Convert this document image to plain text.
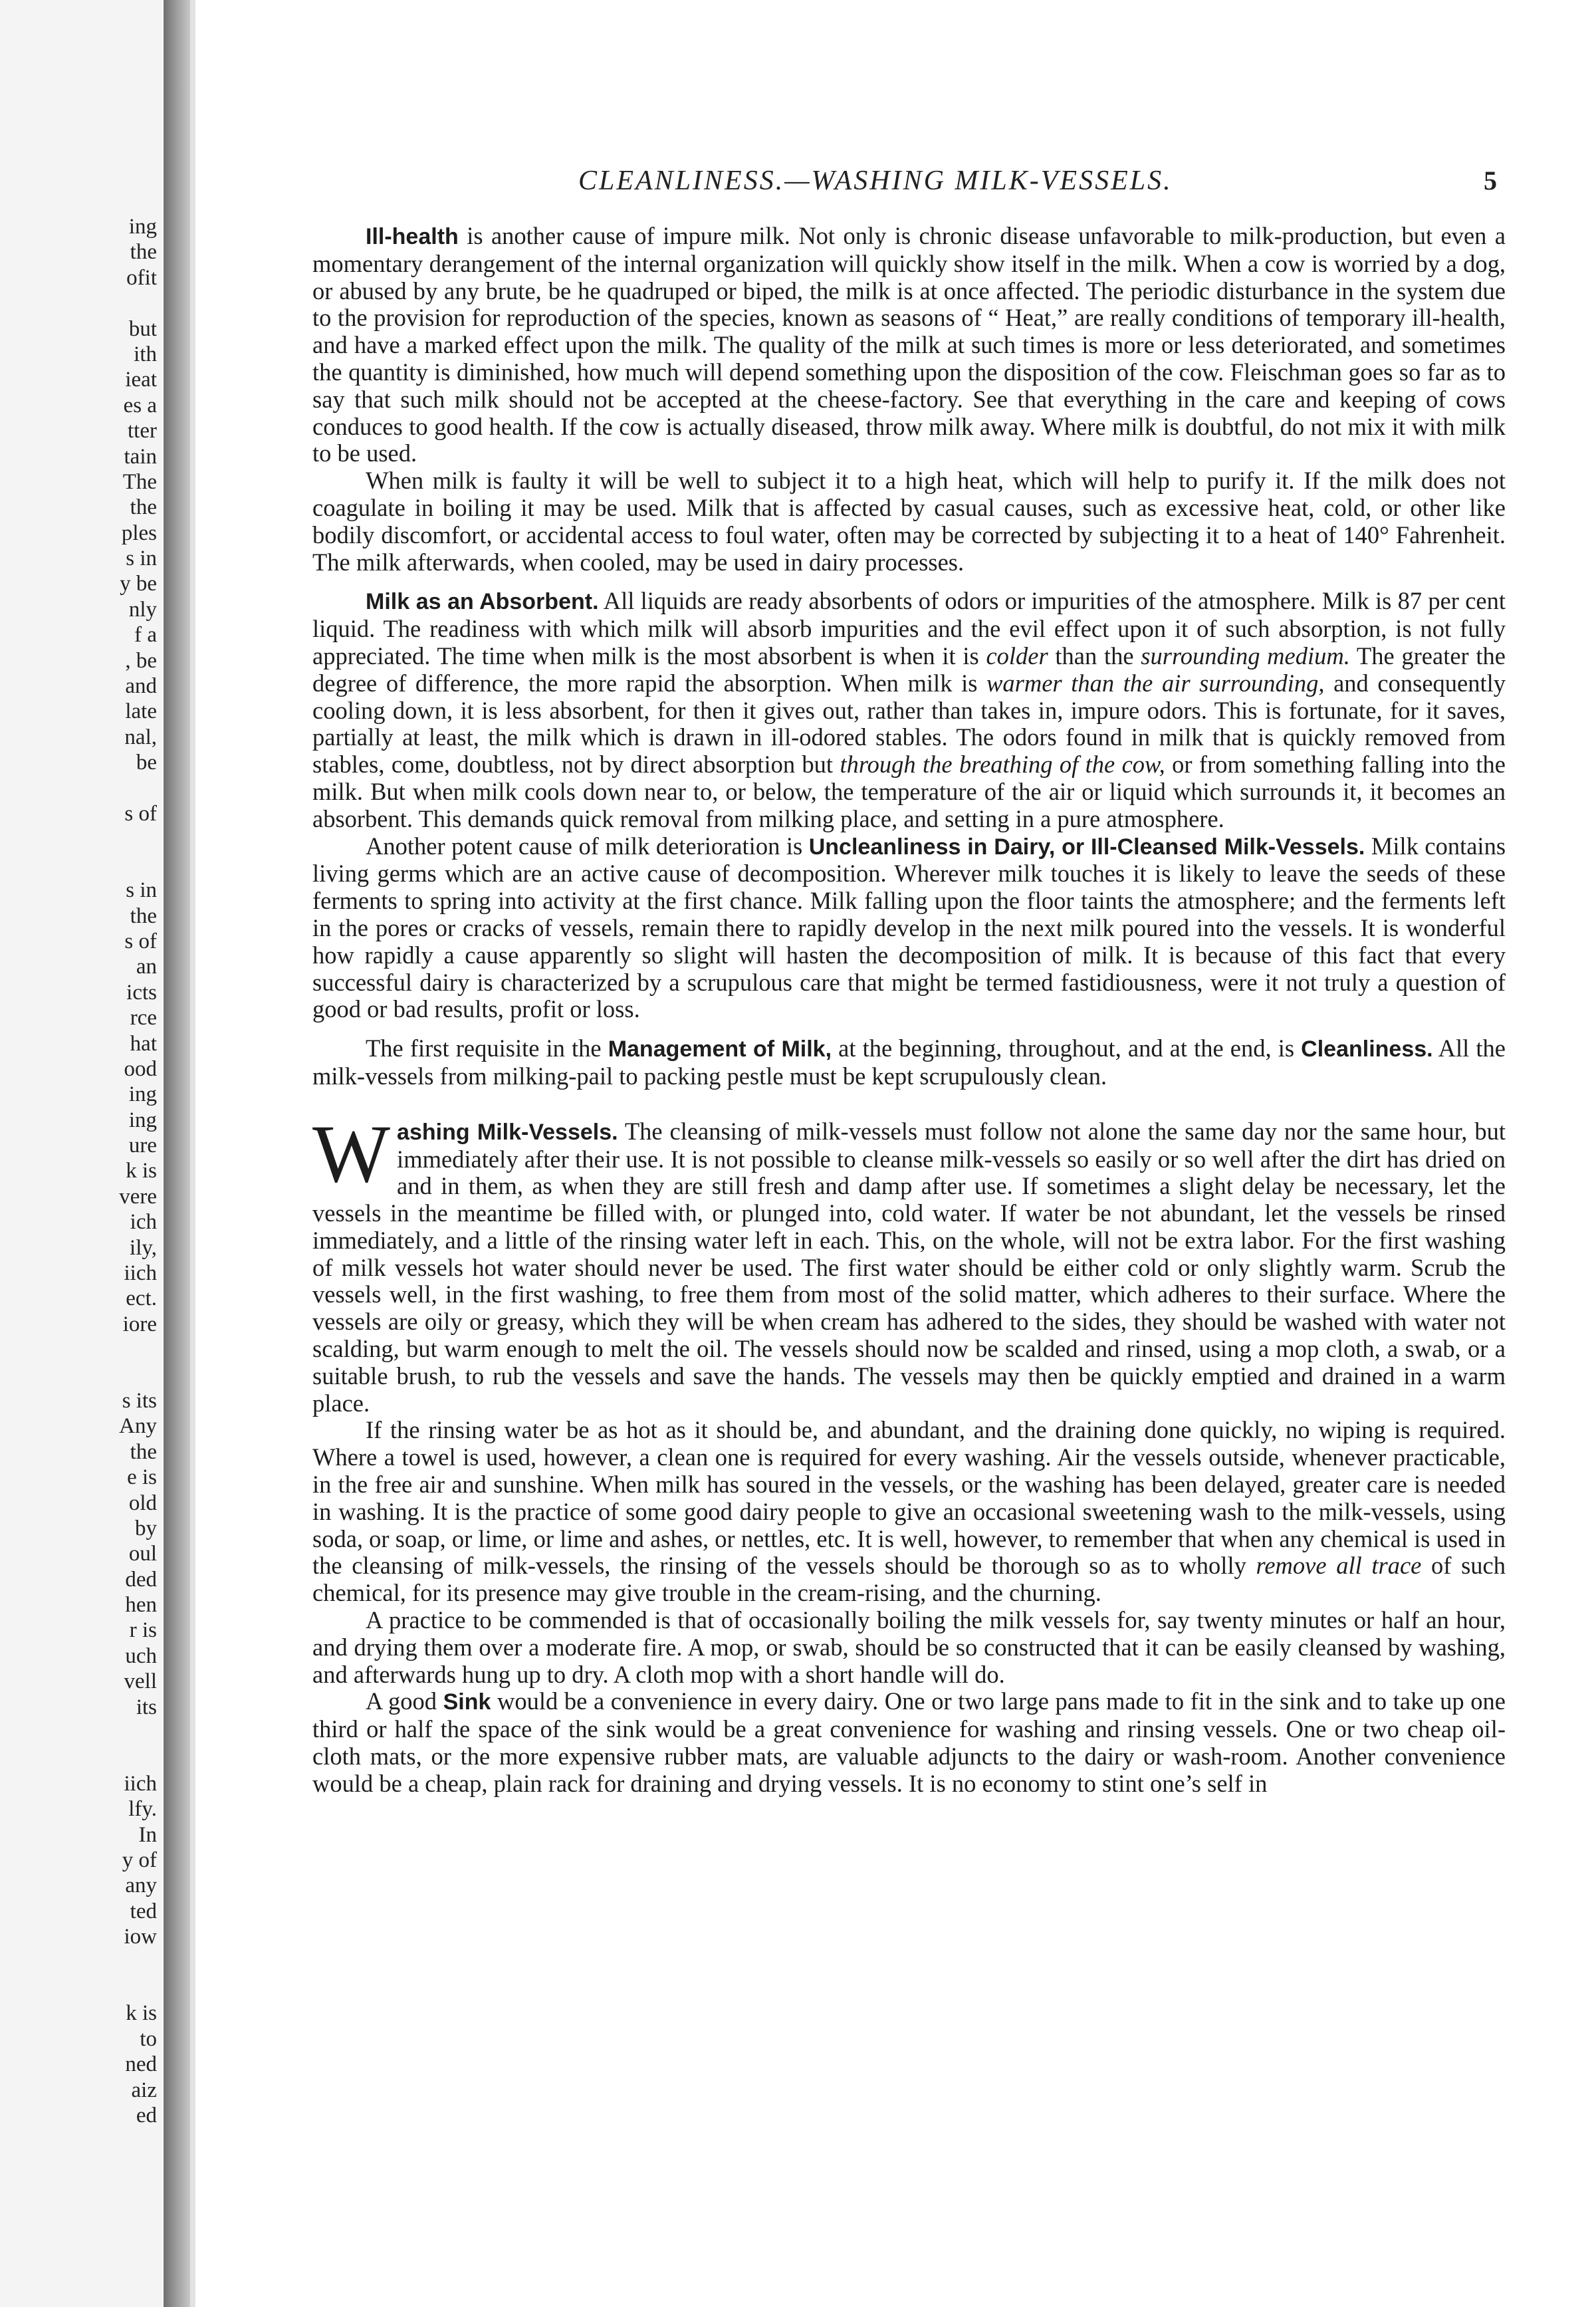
ing
the
ofit
but
ith
ieat
es a
tter
tain
The
the
ples
s in
y be
nly
f a
, be
and
late
nal,
be
s of
s in
the
s of
an
icts
rce
hat
ood
ing
ing
ure
k is
vere
ich
ily,
iich
ect.
iore
s its
Any
the
e is
old
by
oul
ded
hen
r is
uch
vell
its
iich
lfy.
In
y of
any
ted
iow
k is
to
ned
aiz
ed
CLEANLINESS.—WASHING MILK-VESSELS.	5

Ill-health is another cause of impure milk. Not only is chronic disease unfavorable to milk-production, but even a momentary derangement of the internal organization will quickly show itself in the milk. When a cow is worried by a dog, or abused by any brute, be he quadruped or biped, the milk is at once affected. The periodic disturbance in the system due to the provision for reproduction of the species, known as seasons of “ Heat,” are really conditions of temporary ill-health, and have a marked effect upon the milk. The quality of the milk at such times is more or less deteriorated, and sometimes the quantity is diminished, how much will depend something upon the disposition of the cow. Fleischman goes so far as to say that such milk should not be accepted at the cheese-factory. See that everything in the care and keeping of cows conduces to good health. If the cow is actually diseased, throw milk away. Where milk is doubtful, do not mix it with milk to be used.

When milk is faulty it will be well to subject it to a high heat, which will help to purify it. If the milk does not coagulate in boiling it may be used. Milk that is affected by casual causes, such as excessive heat, cold, or other like bodily discomfort, or accidental access to foul water, often may be corrected by subjecting it to a heat of 140° Fahrenheit. The milk afterwards, when cooled, may be used in dairy processes.

Milk as an Absorbent. All liquids are ready absorbents of odors or impurities of the atmosphere. Milk is 87 per cent liquid. The readiness with which milk will absorb impurities and the evil effect upon it of such absorption, is not fully appreciated. The time when milk is the most absorbent is when it is colder than the surrounding medium. The greater the degree of difference, the more rapid the absorption. When milk is warmer than the air surrounding, and consequently cooling down, it is less absorbent, for then it gives out, rather than takes in, impure odors. This is fortunate, for it saves, partially at least, the milk which is drawn in ill-odored stables. The odors found in milk that is quickly removed from stables, come, doubtless, not by direct absorption but through the breathing of the cow, or from something falling into the milk. But when milk cools down near to, or below, the temperature of the air or liquid which surrounds it, it becomes an absorbent. This demands quick removal from milking place, and setting in a pure atmosphere.

Another potent cause of milk deterioration is Uncleanliness in Dairy, or Ill-Cleansed Milk-Vessels. Milk contains living germs which are an active cause of decomposition. Wherever milk touches it is likely to leave the seeds of these ferments to spring into activity at the first chance. Milk falling upon the floor taints the atmosphere; and the ferments left in the pores or cracks of vessels, remain there to rapidly develop in the next milk poured into the vessels. It is wonderful how rapidly a cause apparently so slight will hasten the decomposition of milk. It is because of this fact that every successful dairy is characterized by a scrupulous care that might be termed fastidiousness, were it not truly a question of good or bad results, profit or loss.

The first requisite in the Management of Milk, at the beginning, throughout, and at the end, is Cleanliness. All the milk-vessels from milking-pail to packing pestle must be kept scrupulously clean.

Washing Milk-Vessels. The cleansing of milk-vessels must follow not alone the same day nor the same hour, but immediately after their use. It is not possible to cleanse milk-vessels so easily or so well after the dirt has dried on and in them, as when they are still fresh and damp after use. If sometimes a slight delay be necessary, let the vessels in the meantime be filled with, or plunged into, cold water. If water be not abundant, let the vessels be rinsed immediately, and a little of the rinsing water left in each. This, on the whole, will not be extra labor. For the first washing of milk vessels hot water should never be used. The first water should be either cold or only slightly warm. Scrub the vessels well, in the first washing, to free them from most of the solid matter, which adheres to their surface. Where the vessels are oily or greasy, which they will be when cream has adhered to the sides, they should be washed with water not scalding, but warm enough to melt the oil. The vessels should now be scalded and rinsed, using a mop cloth, a swab, or a suitable brush, to rub the vessels and save the hands. The vessels may then be quickly emptied and drained in a warm place.

If the rinsing water be as hot as it should be, and abundant, and the draining done quickly, no wiping is required. Where a towel is used, however, a clean one is required for every washing. Air the vessels outside, whenever practicable, in the free air and sunshine. When milk has soured in the vessels, or the washing has been delayed, greater care is needed in washing. It is the practice of some good dairy people to give an occasional sweetening wash to the milk-vessels, using soda, or soap, or lime, or lime and ashes, or nettles, etc. It is well, however, to remember that when any chemical is used in the cleansing of milk-vessels, the rinsing of the vessels should be thorough so as to wholly remove all trace of such chemical, for its presence may give trouble in the cream-rising, and the churning.

A practice to be commended is that of occasionally boiling the milk vessels for, say twenty minutes or half an hour, and drying them over a moderate fire. A mop, or swab, should be so constructed that it can be easily cleansed by washing, and afterwards hung up to dry. A cloth mop with a short handle will do.

A good Sink would be a convenience in every dairy. One or two large pans made to fit in the sink and to take up one third or half the space of the sink would be a great convenience for washing and rinsing vessels. One or two cheap oil-cloth mats, or the more expensive rubber mats, are valuable adjuncts to the dairy or wash-room. Another convenience would be a cheap, plain rack for draining and drying vessels. It is no economy to stint one’s self in
